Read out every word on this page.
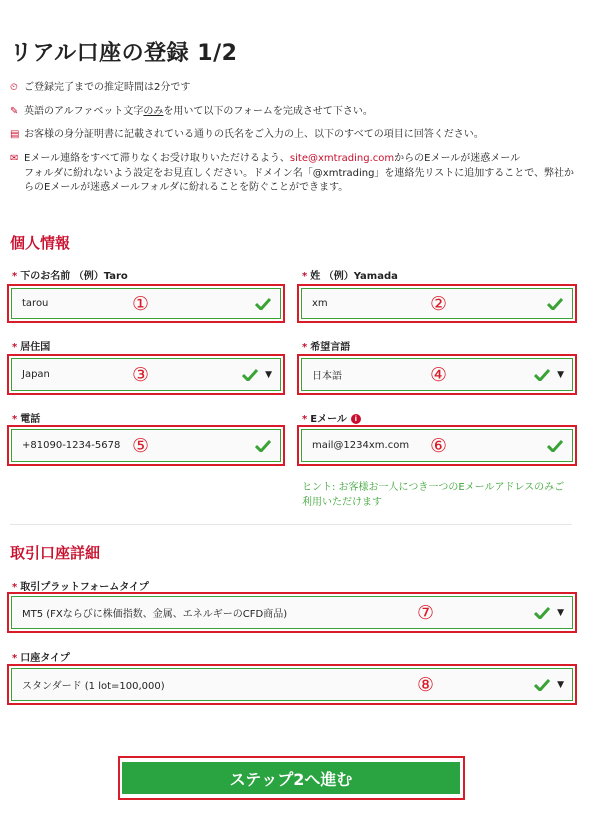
リアル口座の登録 1/2
⏲ ご登録完了までの推定時間は2分です
✎ 英語のアルファベット文字のみを用いて以下のフォームを完成させて下さい。
▤ お客様の身分証明書に記載されている通りの氏名をご入力の上、以下のすべての項目に回答ください。
✉ Eメール連絡をすべて滞りなくお受け取りいただけるよう、site@xmtrading.comからのEメールが迷惑メール
フォルダに紛れないよう設定をお見直しください。ドメイン名「@xmtrading」を連絡先リストに追加することで、弊社からのEメールが迷惑メールフォルダに紛れることを防ぐことができます。
個人情報
* 下のお名前 （例）Taro
tarou	①
* 姓 （例）Yamada
xm	②
* 居住国
Japan	③	▼
* 希望言語
日本語	④	▼
* 電話
+81090-1234-5678 ⑤
* Eメール i
mail@1234xm.com ⑥
ヒント: お客様お一人につき一つのEメールアドレスのみご利用いただけます
取引口座詳細
* 取引プラットフォームタイプ
MT5 (FXならびに株価指数、金属、エネルギーのCFD商品)	⑦	▼
* 口座タイプ
スタンダード (1 lot=100,000)	⑧	▼
ステップ2へ進む
